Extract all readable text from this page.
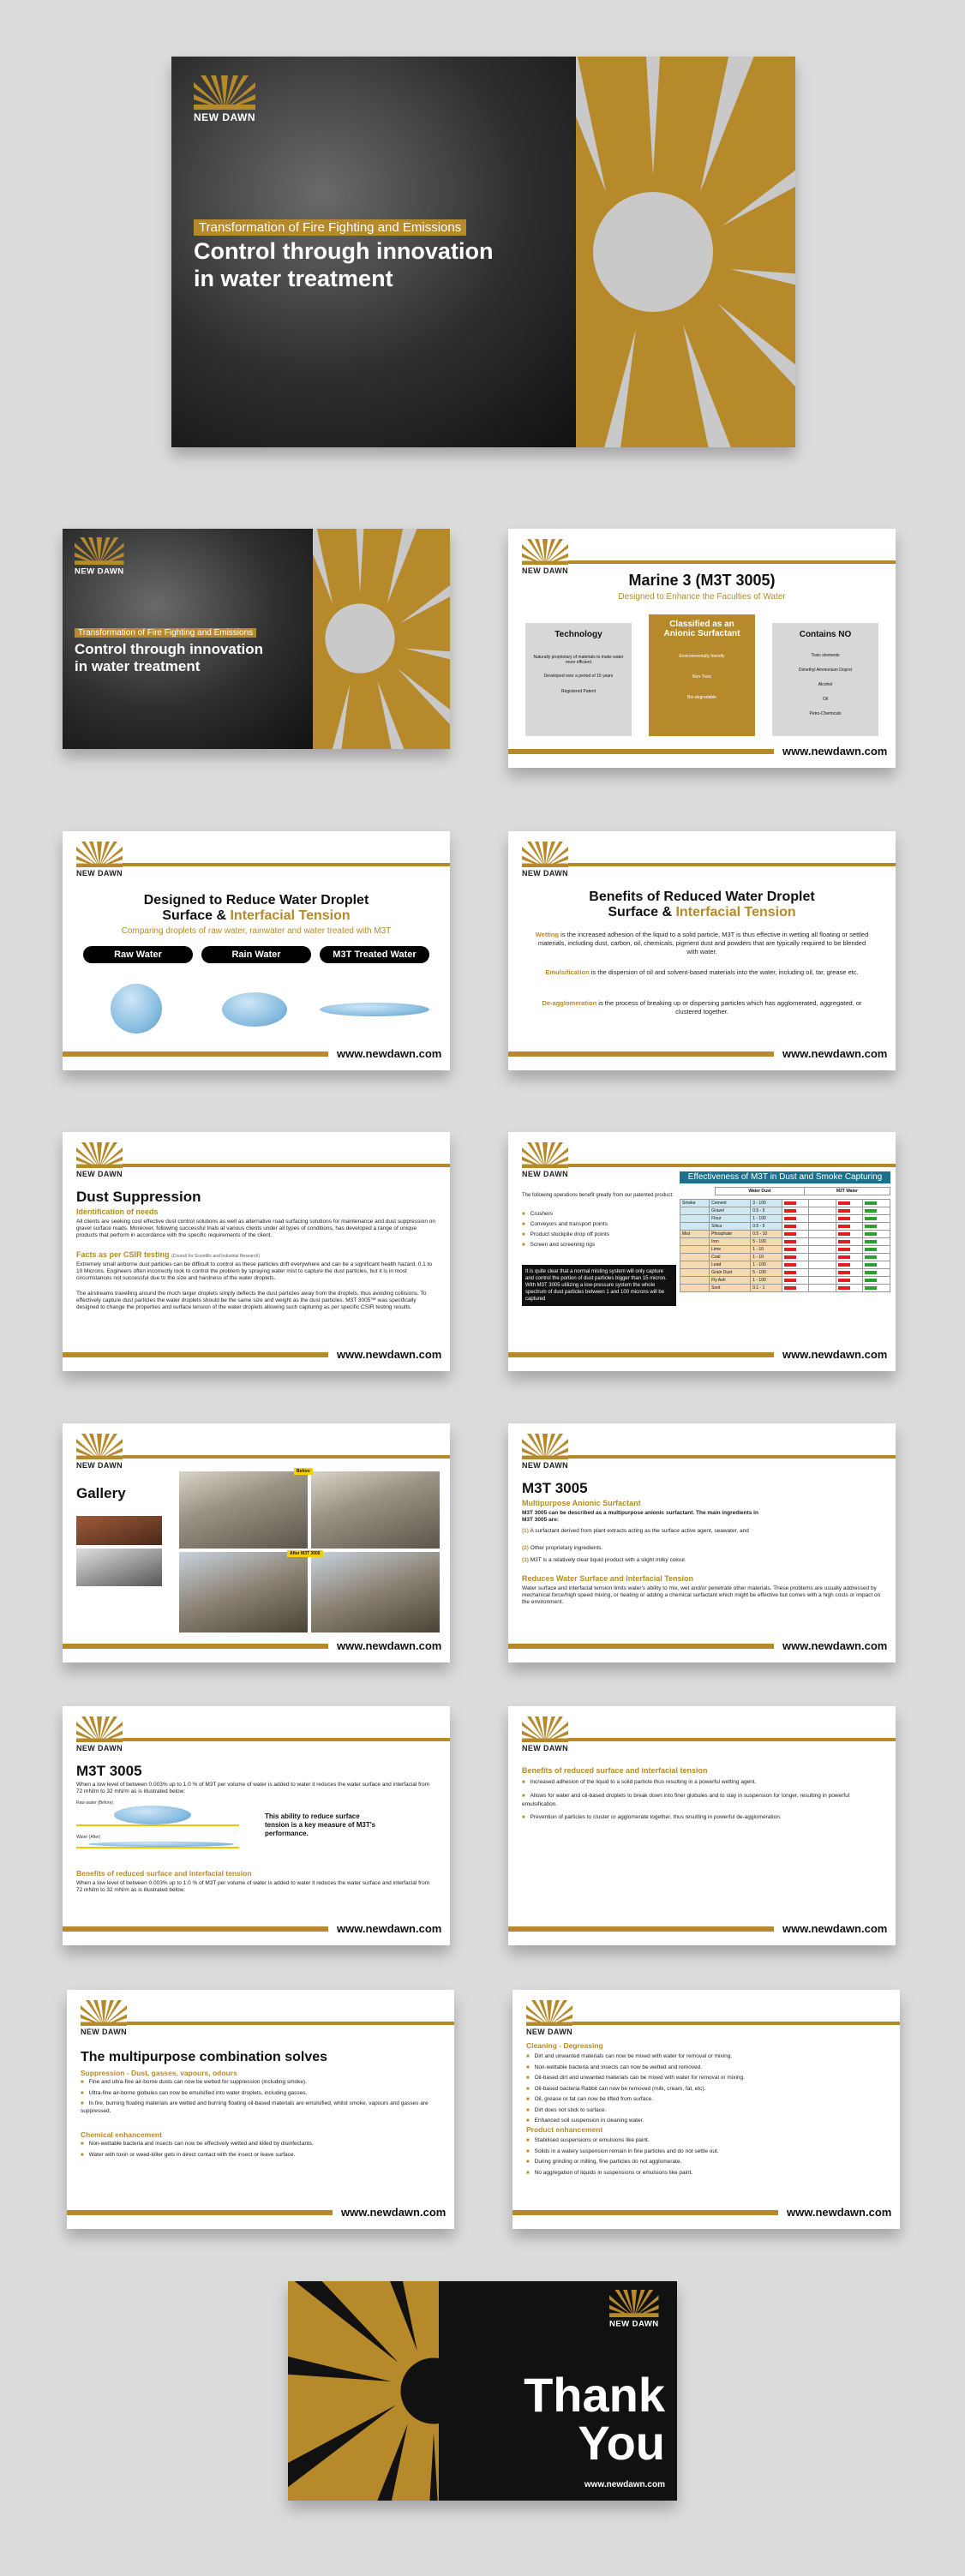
NEW DAWN
Transformation of Fire Fighting and Emissions
Control through innovation
in water treatment
NEW DAWN
Transformation of Fire Fighting and Emissions
Control through innovation
in water treatment
NEW DAWN
Marine 3 (M3T 3005)
Designed to Enhance the Faculties of Water
Technology
Naturally proprietary of materials to make water more efficient
Developed over a period of 15 years
Registered Patent
Classified as an
Anionic Surfactant
Environmentally friendly
Non-Toxic
Bio-degradable
Contains NO
Toxic elements
Dimethyl Ammonium Doprst
Alcohol
Oil
Petro-Chemicals
www.newdawn.com
NEW DAWN
Designed to Reduce Water Droplet
Surface & Interfacial Tension
Comparing droplets of raw water, rainwater and water treated with M3T
Raw Water	Rain Water	M3T Treated Water
www.newdawn.com
NEW DAWN
Benefits of Reduced Water Droplet
Surface & Interfacial Tension
Wetting is the increased adhesion of the liquid to a solid particle, M3T is thus effective in wetting all floating or settled materials, including dust, carbon, oil, chemicals, pigment dust and powders that are typically required to be blended with water.
Emulsification is the dispersion of oil and solvent-based materials into the water, including oil, tar, grease etc.
De-agglomeration is the process of breaking up or dispersing particles which has agglomerated, aggregated, or clustered together.
www.newdawn.com
NEW DAWN
Dust Suppression
Identification of needs
All clients are seeking cost effective dust control solutions as well as alternative road surfacing solutions for maintenance and dust suppression on gravel surface roads. Moreover, following successful trials at various clients under all types of conditions, has developed a range of unique products that perform in accordance with the specific requirements of the client.
Facts as per CSIR testing (Council for Scientific and Industrial Research)
Extremely small airborne dust particles can be difficult to control as these particles drift everywhere and can be a significant health hazard. 0.1 to 10 Microns. Engineers often incorrectly look to control the problem by spraying water mist to capture the dust particles, but it is in most circumstances not successful due to the size and hardness of the water droplets.
The airstreams travelling around the much larger droplets simply deflects the dust particles away from the droplets, thus avoiding collisions. To effectively capture dust particles the water droplets should be the same size and weight as the dust particles. M3T 3005™ was specifically designed to change the properties and surface tension of the water droplets allowing such capturing as per specific CSIR testing results.
www.newdawn.com
NEW DAWN	Effectiveness of M3T in Dust and Smoke Capturing
The following operations benefit greatly from our patented product:
■ Crushers
■ Conveyors and transport points
■ Product stockpile drop off points
■ Screen and screening rigs
It is quite clear that a normal misting system will only capture and control the portion of dust particles bigger than 15 micron. With M3T 3005 utilizing a low-pressure system the whole spectrum of dust particles between 1 and 100 microns will be captured
			Water Dust	M3T Water
Smoke	Cement	3 - 100	

	Gravel	0.5 - 5	

	Flour	1 - 100	

	Silica	0.5 - 5	

Mist	Phosphate	0.5 - 10	

	Iron	5 - 100	

	Lime	1 - 10	

	Coal	1 - 10	

	Lead	1 - 100	

	Grain Dust	5 - 100	

	Fly Ash	1 - 100	

	Soot	0.1 - 1	

www.newdawn.com
NEW DAWN
Gallery
Before
After M3T 3005
www.newdawn.com
NEW DAWN
M3T 3005
Multipurpose Anionic Surfactant
M3T 3005 can be described as a multipurpose anionic surfactant. The main ingredients in M3T 3005 are:
(1) A surfactant derived from plant extracts acting as the surface active agent, seawater, and
(2) Other proprietary ingredients.
(3) M3T is a relatively clear liquid product with a slight milky colour.
Reduces Water Surface and Interfacial Tension
Water surface and interfacial tension limits water's ability to mix, wet and/or penetrate other materials. These problems are usually addressed by mechanical force/high speed mixing, or heating or adding a chemical surfactant which might be effective but comes with a high costs or impact on the environment.
www.newdawn.com
NEW DAWN
M3T 3005
When a low level of between 0.003% up to 1.0 % of M3T per volume of water is added to water it reduces the water surface and interfacial from 72 mN/m to 32 mN/m as is illustrated below:
Raw water (Before)
Water (After)
This ability to reduce surface tension is a key measure of M3T's performance.
Benefits of reduced surface and interfacial tension
When a low level of between 0.003% up to 1.0 % of M3T per volume of water is added to water it reduces the water surface and interfacial from 72 mN/m to 32 mN/m as is illustrated below:
www.newdawn.com
NEW DAWN
Benefits of reduced surface and interfacial tension
■ Increased adhesion of the liquid to a solid particle thus resulting in a powerful wetting agent.
■ Allows for water and oil-based droplets to break down into finer globules and to stay in suspension for longer, resulting in powerful emulsification.
■ Prevention of particles to cluster or agglomerate together, thus resulting in powerful de-agglomeration.
www.newdawn.com
NEW DAWN
The multipurpose combination solves
Suppression - Dust, gasses, vapours, odours
■ Fine and ultra-fine air-borne dusts can now be wetted for suppression (including smoke).
■ Ultra-fine air-borne globules can now be emulsified into water droplets, including gasses.
■ In fire, burning floating materials are wetted and burning floating oil-based materials are emulsified, whilst smoke, vapours and gasses are suppressed.
Chemical enhancement
■ Non-wettable bacteria and insects can now be effectively wetted and killed by disinfectants.
■ Water with toxin or weed-killer gets in direct contact with the insect or leave surface.
www.newdawn.com
NEW DAWN
Cleaning - Degreasing
■ Dirt and unwanted materials can now be mixed with water for removal or mixing.
■ Non-wettable bacteria and insects can now be wetted and removed.
■ Oil-based dirt and unwanted materials can be mixed with water for removal or mixing.
■ Oil-based bacteria Rabbit can now be removed (milk, cream, fat, etc).
■ Oil, grease or fat can now be lifted from surface.
■ Dirt does not stick to surface.
■ Enhanced soil suspension in cleaning water.
Product enhancement
■ Stabilised suspensions or emulsions like paint.
■ Solids in a watery suspension remain in fine particles and do not settle out.
■ During grinding or milling, fine particles do not agglomerate.
■ No aggregation of liquids in suspensions or emulsions like paint.
www.newdawn.com
NEW DAWN
Thank
You
www.newdawn.com
